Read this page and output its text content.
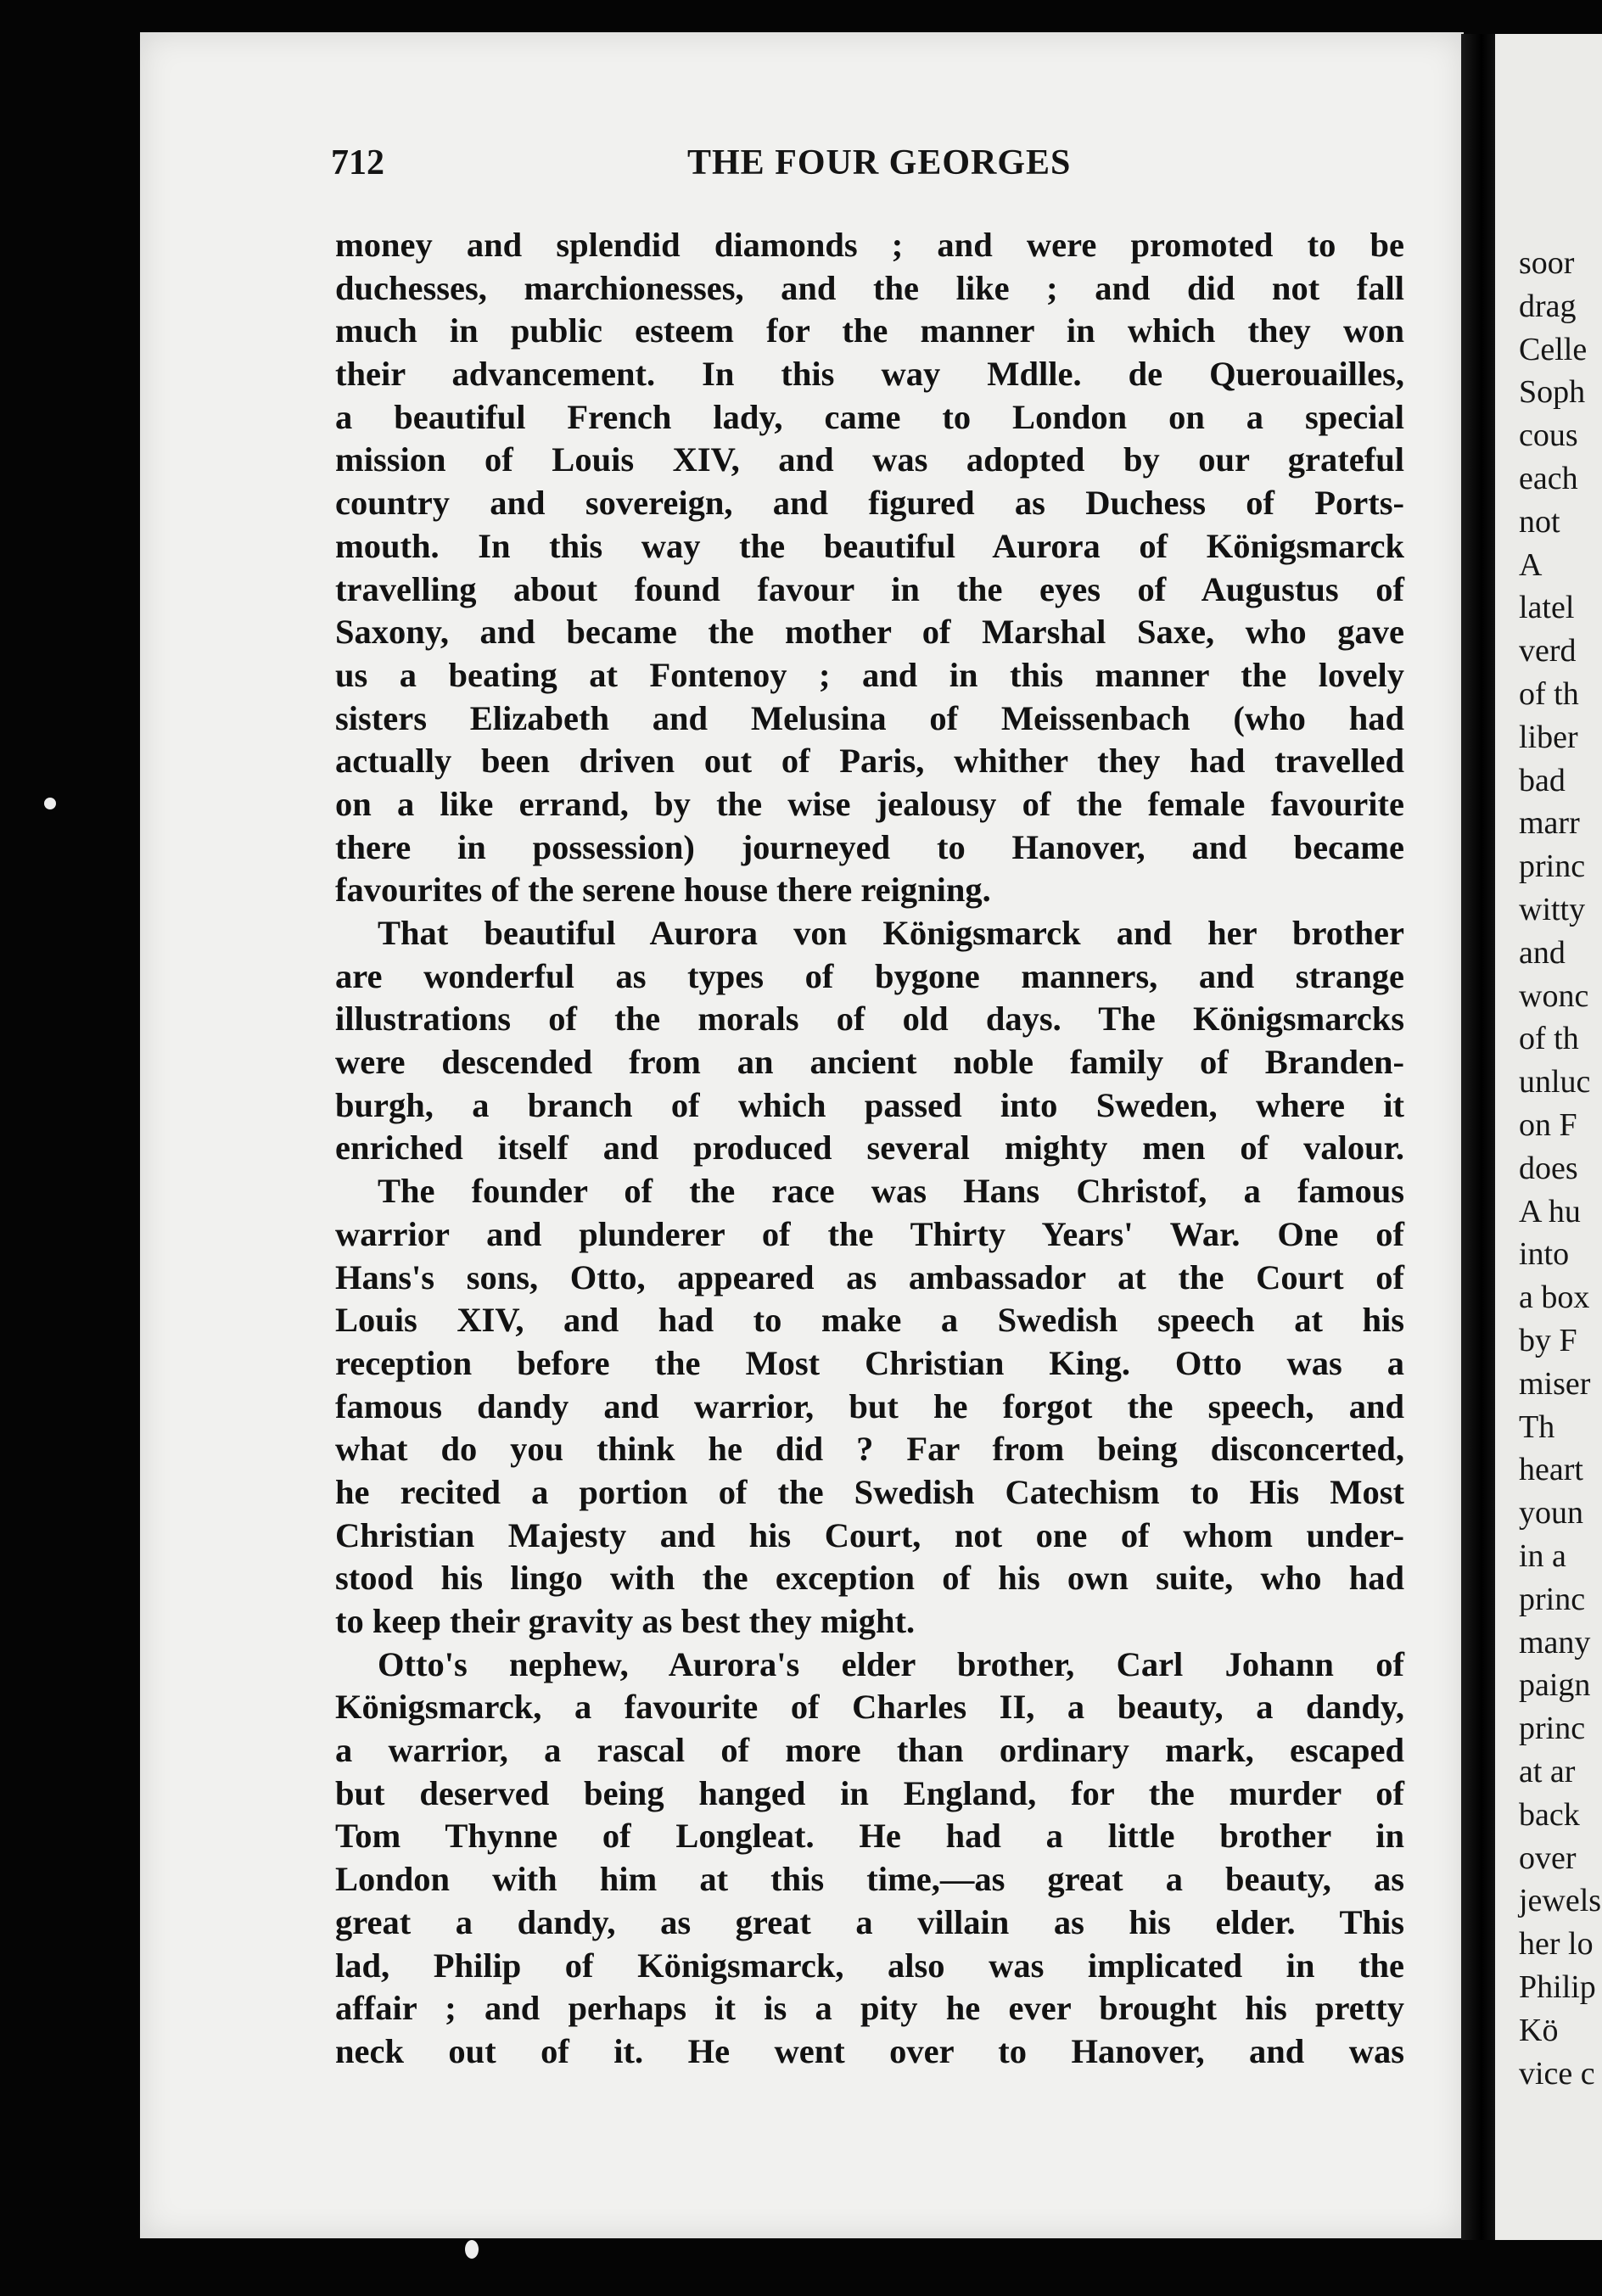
712	THE FOUR GEORGES
money and splendid diamonds ; and were promoted to be
duchesses, marchionesses, and the like ; and did not fall
much in public esteem for the manner in which they won
their advancement. In this way Mdlle. de Querouailles,
a beautiful French lady, came to London on a special
mission of Louis XIV, and was adopted by our grateful
country and sovereign, and figured as Duchess of Ports-
mouth. In this way the beautiful Aurora of Königsmarck
travelling about found favour in the eyes of Augustus of
Saxony, and became the mother of Marshal Saxe, who gave
us a beating at Fontenoy ; and in this manner the lovely
sisters Elizabeth and Melusina of Meissenbach (who had
actually been driven out of Paris, whither they had travelled
on a like errand, by the wise jealousy of the female favourite
there in possession) journeyed to Hanover, and became
favourites of the serene house there reigning.
That beautiful Aurora von Königsmarck and her brother
are wonderful as types of bygone manners, and strange
illustrations of the morals of old days. The Königsmarcks
were descended from an ancient noble family of Branden-
burgh, a branch of which passed into Sweden, where it
enriched itself and produced several mighty men of valour.
The founder of the race was Hans Christof, a famous
warrior and plunderer of the Thirty Years' War. One of
Hans's sons, Otto, appeared as ambassador at the Court of
Louis XIV, and had to make a Swedish speech at his
reception before the Most Christian King. Otto was a
famous dandy and warrior, but he forgot the speech, and
what do you think he did ? Far from being disconcerted,
he recited a portion of the Swedish Catechism to His Most
Christian Majesty and his Court, not one of whom under-
stood his lingo with the exception of his own suite, who had
to keep their gravity as best they might.
Otto's nephew, Aurora's elder brother, Carl Johann of
Königsmarck, a favourite of Charles II, a beauty, a dandy,
a warrior, a rascal of more than ordinary mark, escaped
but deserved being hanged in England, for the murder of
Tom Thynne of Longleat. He had a little brother in
London with him at this time,—as great a beauty, as
great a dandy, as great a villain as his elder. This
lad, Philip of Königsmarck, also was implicated in the
affair ; and perhaps it is a pity he ever brought his pretty
neck out of it. He went over to Hanover, and was
soor
drag
Celle
Soph
cous
each
not
A
latel
verd
of th
liber
bad
marr
princ
witty
and
wonc
of th
unluc
on F
does
A hu
into
a box
by F
miser
Th
heart
youn
in a
princ
many
paign
princ
at ar
back
over
jewels
her lo
Philip
Kö
vice c
